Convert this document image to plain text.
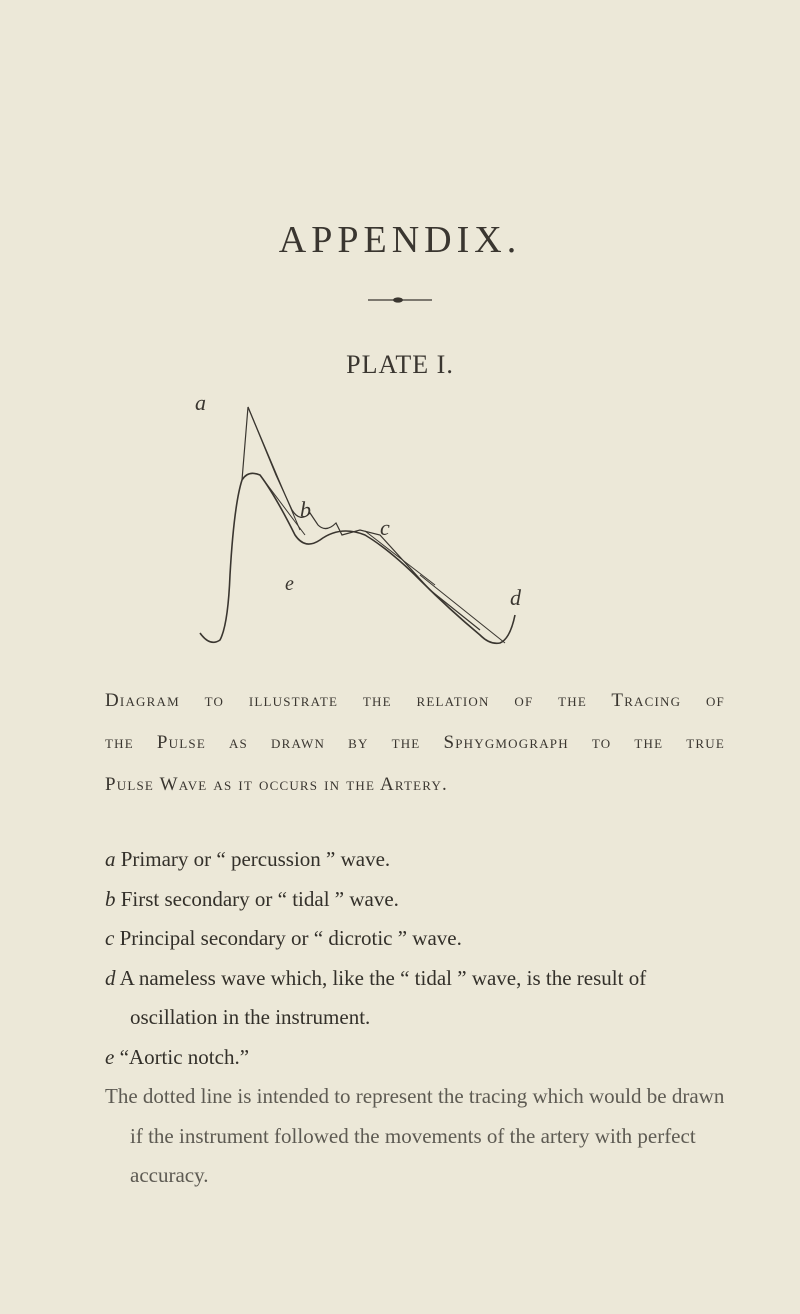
APPENDIX.
PLATE I.
a
b
c
d
e
Diagram to illustrate the relation of the Tracing of
the Pulse as drawn by the Sphygmograph to the true
Pulse Wave as it occurs in the Artery.
a Primary or “ percussion ” wave.
b First secondary or “ tidal ” wave.
c Principal secondary or “ dicrotic ” wave.
d A nameless wave which, like the “ tidal ” wave, is the result of oscillation in the instrument.
e “Aortic notch.”
The dotted line is intended to represent the tracing which would be drawn if the instrument followed the movements of the artery with perfect accuracy.
